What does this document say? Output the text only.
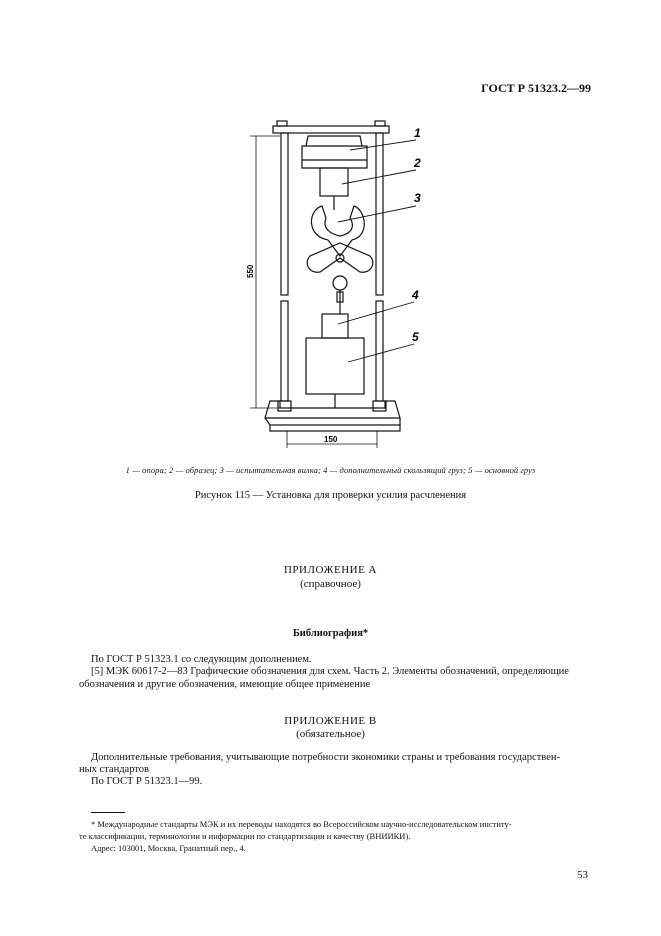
ГОСТ Р 51323.2—99
1
2
3
4
5
550
150
1 — опора; 2 — образец; 3 — испытательная вилка; 4 — дополнительный скользящий груз; 5 — основной груз
Рисунок 115 — Установка для проверки усилия расчленения
ПРИЛОЖЕНИЕ А
(справочное)
Библиография*
По ГОСТ Р 51323.1 со следующим дополнением.
[5] МЭК 60617-2—83 Графические обозначения для схем. Часть 2. Элементы обозначений, определяющие
обозначения и другие обозначения, имеющие общее применение
ПРИЛОЖЕНИЕ В
(обязательное)
Дополнительные требования, учитывающие потребности экономики страны и требования государствен-
ных стандартов
По ГОСТ Р 51323.1—99.
* Международные стандарты МЭК и их переводы находятся во Всероссийском научно-исследовательском институ-
те классификации, терминологии и информации по стандартизации и качеству (ВНИИКИ).
Адрес: 103001, Москва, Гранатный пер., 4.
53
